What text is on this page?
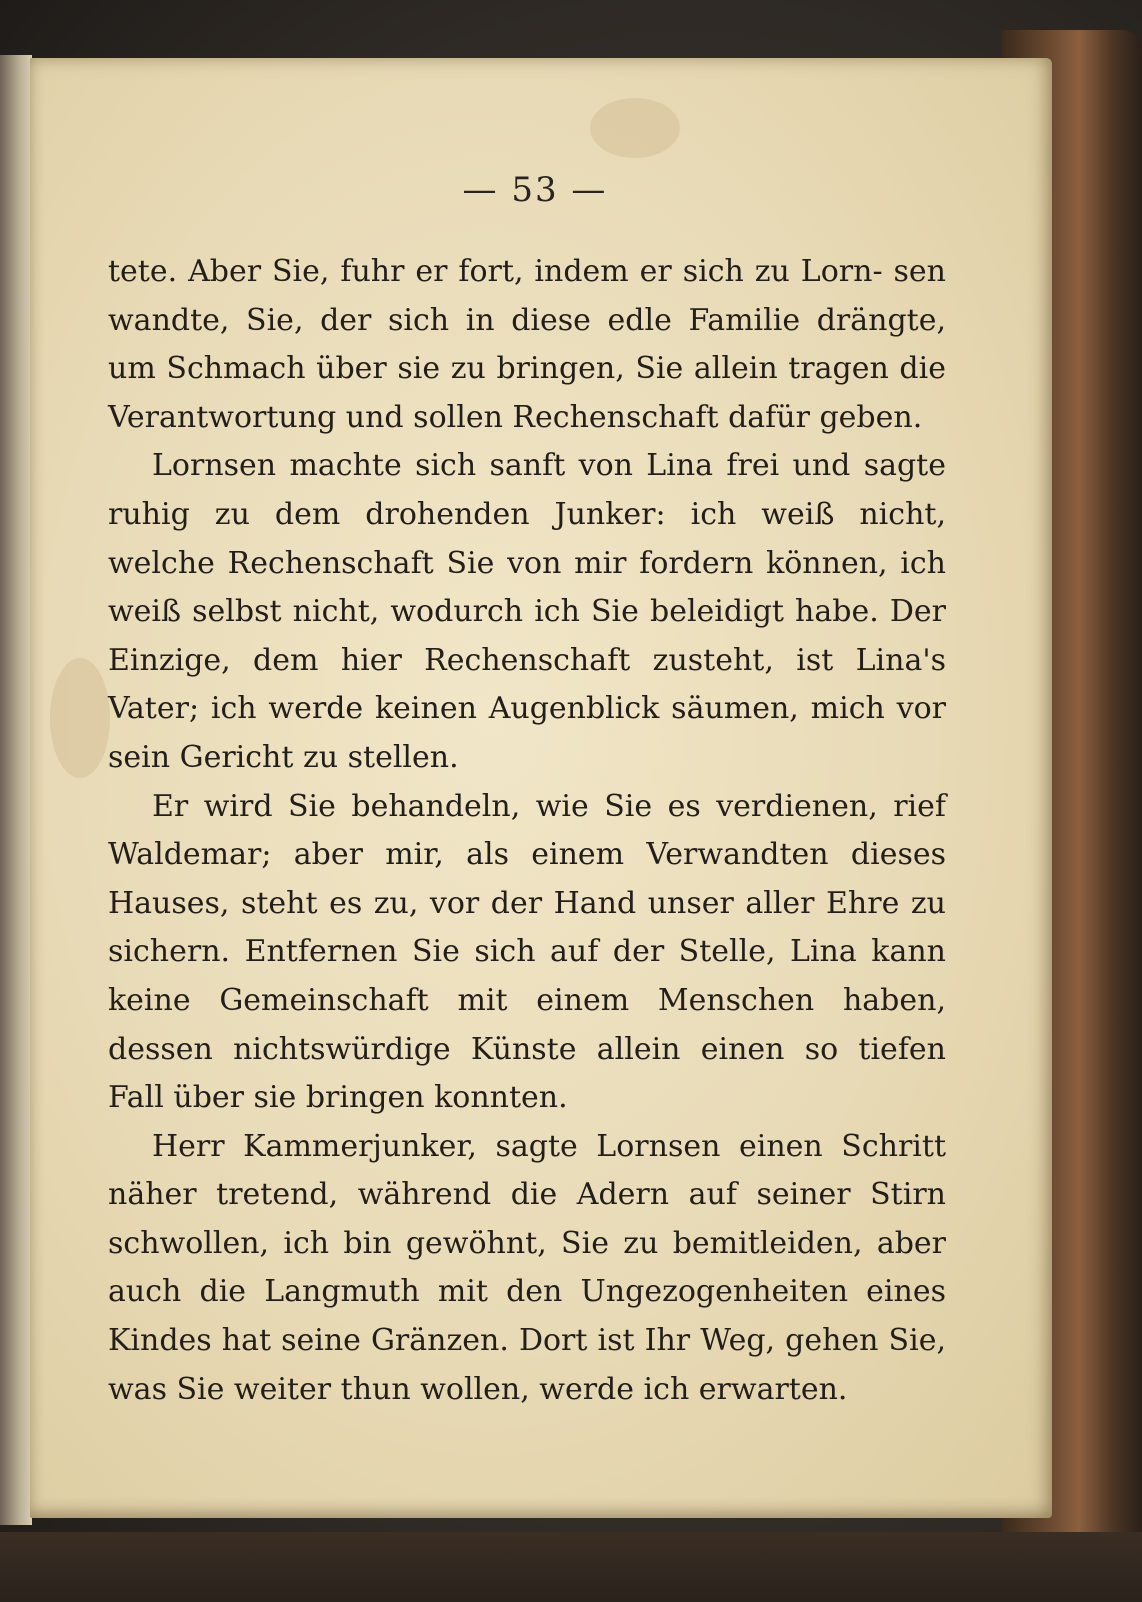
— 53 —

tete. Aber Sie, fuhr er fort, indem er sich zu Lorn- sen wandte, Sie, der sich in diese edle Familie drängte, um Schmach über sie zu bringen, Sie allein tragen die Verantwortung und sollen Rechenschaft dafür geben.

Lornsen machte sich sanft von Lina frei und sagte ruhig zu dem drohenden Junker: ich weiß nicht, welche Rechenschaft Sie von mir fordern können, ich weiß selbst nicht, wodurch ich Sie beleidigt habe. Der Einzige, dem hier Rechenschaft zusteht, ist Lina's Vater; ich werde keinen Augenblick säumen, mich vor sein Gericht zu stellen.

Er wird Sie behandeln, wie Sie es verdienen, rief Waldemar; aber mir, als einem Verwandten dieses Hauses, steht es zu, vor der Hand unser aller Ehre zu sichern. Entfernen Sie sich auf der Stelle, Lina kann keine Gemeinschaft mit einem Menschen haben, dessen nichtswürdige Künste allein einen so tiefen Fall über sie bringen konnten.

Herr Kammerjunker, sagte Lornsen einen Schritt näher tretend, während die Adern auf seiner Stirn schwollen, ich bin gewöhnt, Sie zu bemitleiden, aber auch die Langmuth mit den Ungezogenheiten eines Kindes hat seine Gränzen. Dort ist Ihr Weg, gehen Sie, was Sie weiter thun wollen, werde ich erwarten.
